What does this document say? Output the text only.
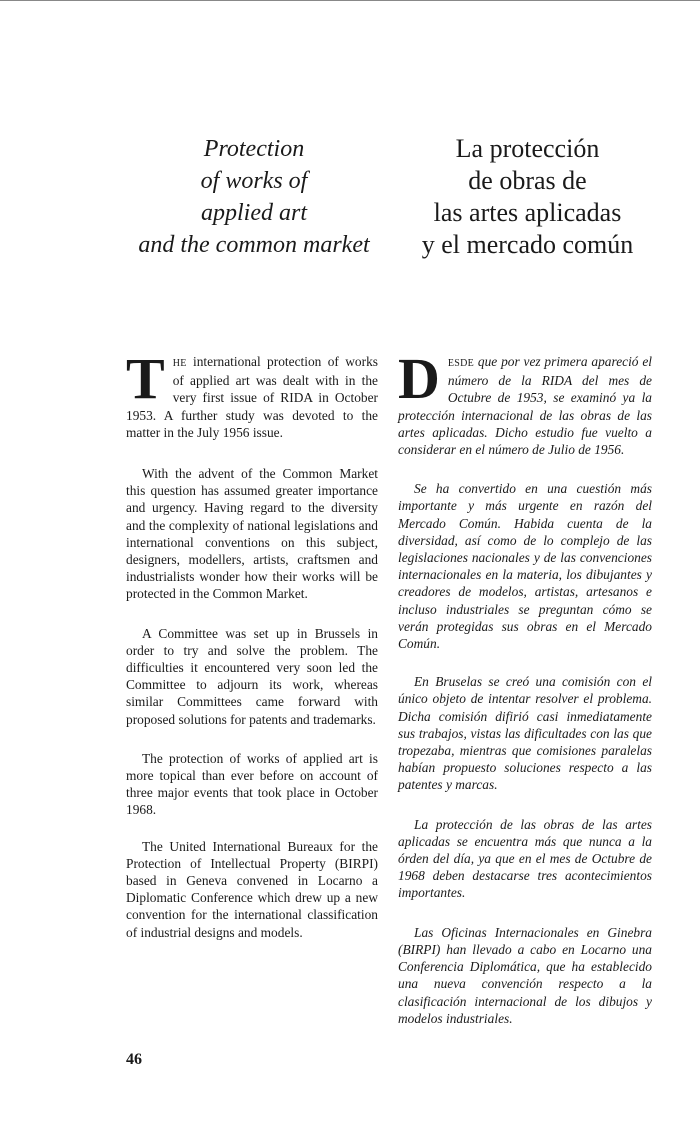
Protection
of works of
applied art
and the common market
La protección
de obras de
las artes aplicadas
y el mercado común

THE international protection of works of applied art was dealt with in the very first issue of RIDA in October 1953. A further study was devoted to the matter in the July 1956 issue.

With the advent of the Common Market this question has assumed greater importance and urgency. Having regard to the diversity and the complexity of national legislations and international conventions on this subject, designers, modellers, artists, craftsmen and industrialists wonder how their works will be protected in the Common Market.

A Committee was set up in Brussels in order to try and solve the problem. The difficulties it encountered very soon led the Committee to adjourn its work, whereas similar Committees came forward with proposed solutions for patents and trademarks.

The protection of works of applied art is more topical than ever before on account of three major events that took place in October 1968.

The United International Bureaux for the Protection of Intellectual Property (BIRPI) based in Geneva convened in Locarno a Diplomatic Conference which drew up a new convention for the international classification of industrial designs and models.

DESDE que por vez primera apareció el número de la RIDA del mes de Octubre de 1953, se examinó ya la protección internacional de las obras de las artes aplicadas. Dicho estudio fue vuelto a considerar en el número de Julio de 1956.

Se ha convertido en una cuestión más importante y más urgente en razón del Mercado Común. Habida cuenta de la diversidad, así como de lo complejo de las legislaciones nacionales y de las convenciones internacionales en la materia, los dibujantes y creadores de modelos, artistas, artesanos e incluso industriales se preguntan cómo se verán protegidas sus obras en el Mercado Común.

En Bruselas se creó una comisión con el único objeto de intentar resolver el problema. Dicha comisión difirió casi inmediatamente sus trabajos, vistas las dificultades con las que tropezaba, mientras que comisiones paralelas habían propuesto soluciones respecto a las patentes y marcas.

La protección de las obras de las artes aplicadas se encuentra más que nunca a la órden del día, ya que en el mes de Octubre de 1968 deben destacarse tres acontecimientos importantes.

Las Oficinas Internacionales en Ginebra (BIRPI) han llevado a cabo en Locarno una Conferencia Diplomática, que ha establecido una nueva convención respecto a la clasificación internacional de los dibujos y modelos industriales.

46
